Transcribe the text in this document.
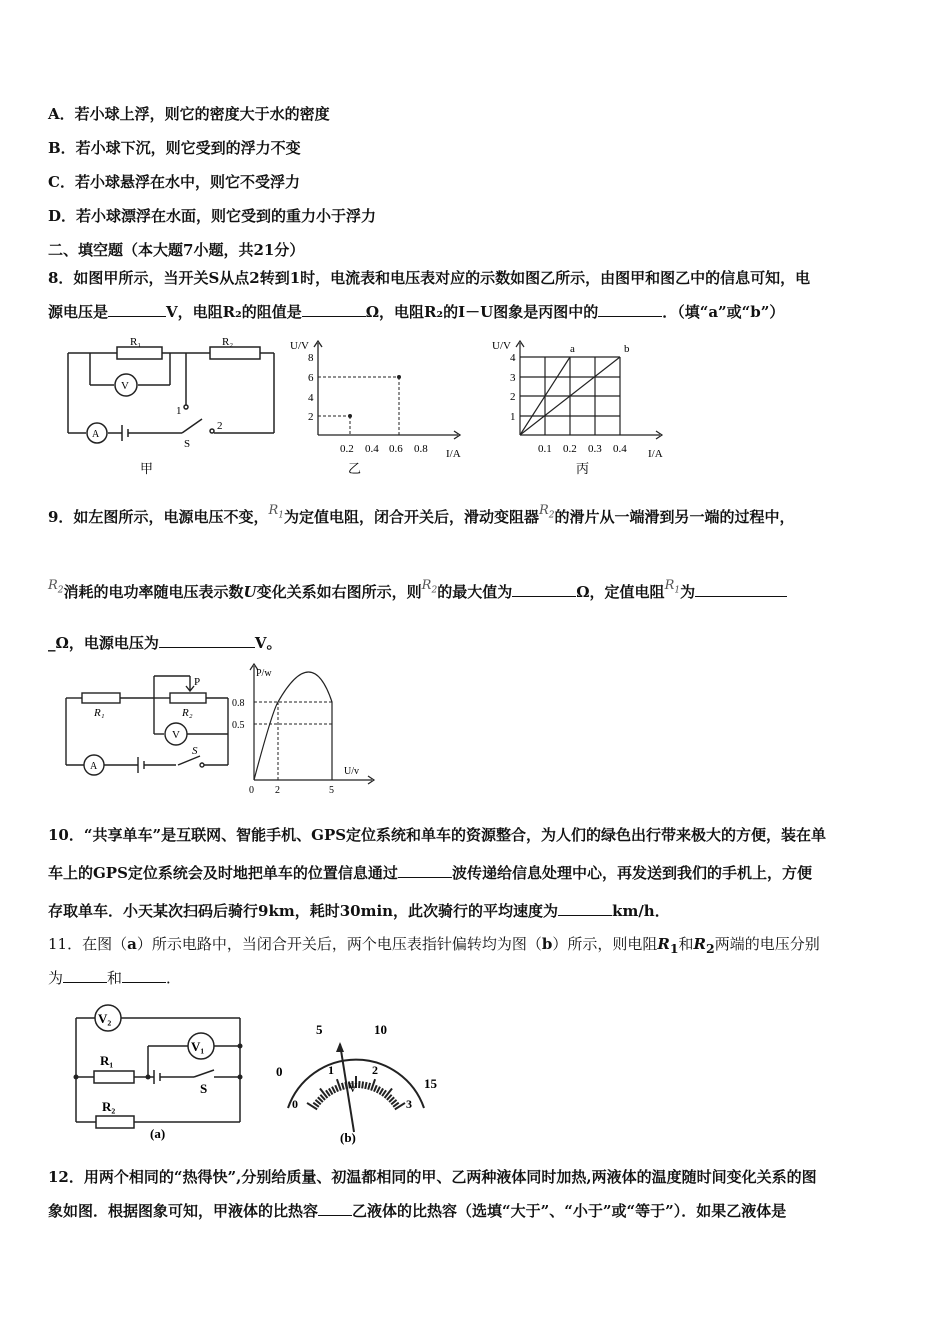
A．若小球上浮，则它的密度大于水的密度
B．若小球下沉，则它受到的浮力不变
C．若小球悬浮在水中，则它不受浮力
D．若小球漂浮在水面，则它受到的重力小于浮力
二、填空题（本大题7小题，共21分）
8．如图甲所示，当开关S从点2转到1时，电流表和电压表对应的示数如图乙所示，由图甲和图乙中的信息可知，电
源电压是	V，电阻R₂的阻值是	Ω，电阻R₂的I－U图象是丙图中的	．（填“a”或“b”）
R₁	R₂
V
A
1
2
S
甲
U/V
8
6
4
2
0.2 0.4 0.6 0.8 I/A
乙
U/V
4
3
2
1
0.1 0.2 0.3 0.4 I/A
a	b
丙
9．如左图所示，电源电压不变，$R_1$为定值电阻，闭合开关后，滑动变阻器$R_2$的滑片从一端滑到另一端的过程中，
$R_2$消耗的电功率随电压表示数U变化关系如右图所示，则$R_2$的最大值为	Ω，定值电阻$R_1$为
_Ω，电源电压为	V。
R₁	R₂
P
V
A
S
P/w
0.8
0.5
0 2	5
U/v
10．“共享单车”是互联网、智能手机、GPS定位系统和单车的资源整合，为人们的绿色出行带来极大的方便，装在单
车上的GPS定位系统会及时地把单车的位置信息通过	波传递给信息处理中心，再发送到我们的手机上，方便
存取单车．小天某次扫码后骑行9km，耗时30min，此次骑行的平均速度为	km/h．
11．在图（a）所示电路中，当闭合开关后，两个电压表指针偏转均为图（b）所示，则电阻$R_1$和$R_2$两端的电压分别
为	和	．
V₂
V₁
R₁
R₂
S
(a)
0
5	10
15
0
1	2
3
V
(b)
12．用两个相同的“热得快”,分别给质量、初温都相同的甲、乙两种液体同时加热,两液体的温度随时间变化关系的图
象如图．根据图象可知，甲液体的比热容 乙液体的比热容（选填“大于”、“小于”或“等于”）．如果乙液体是
